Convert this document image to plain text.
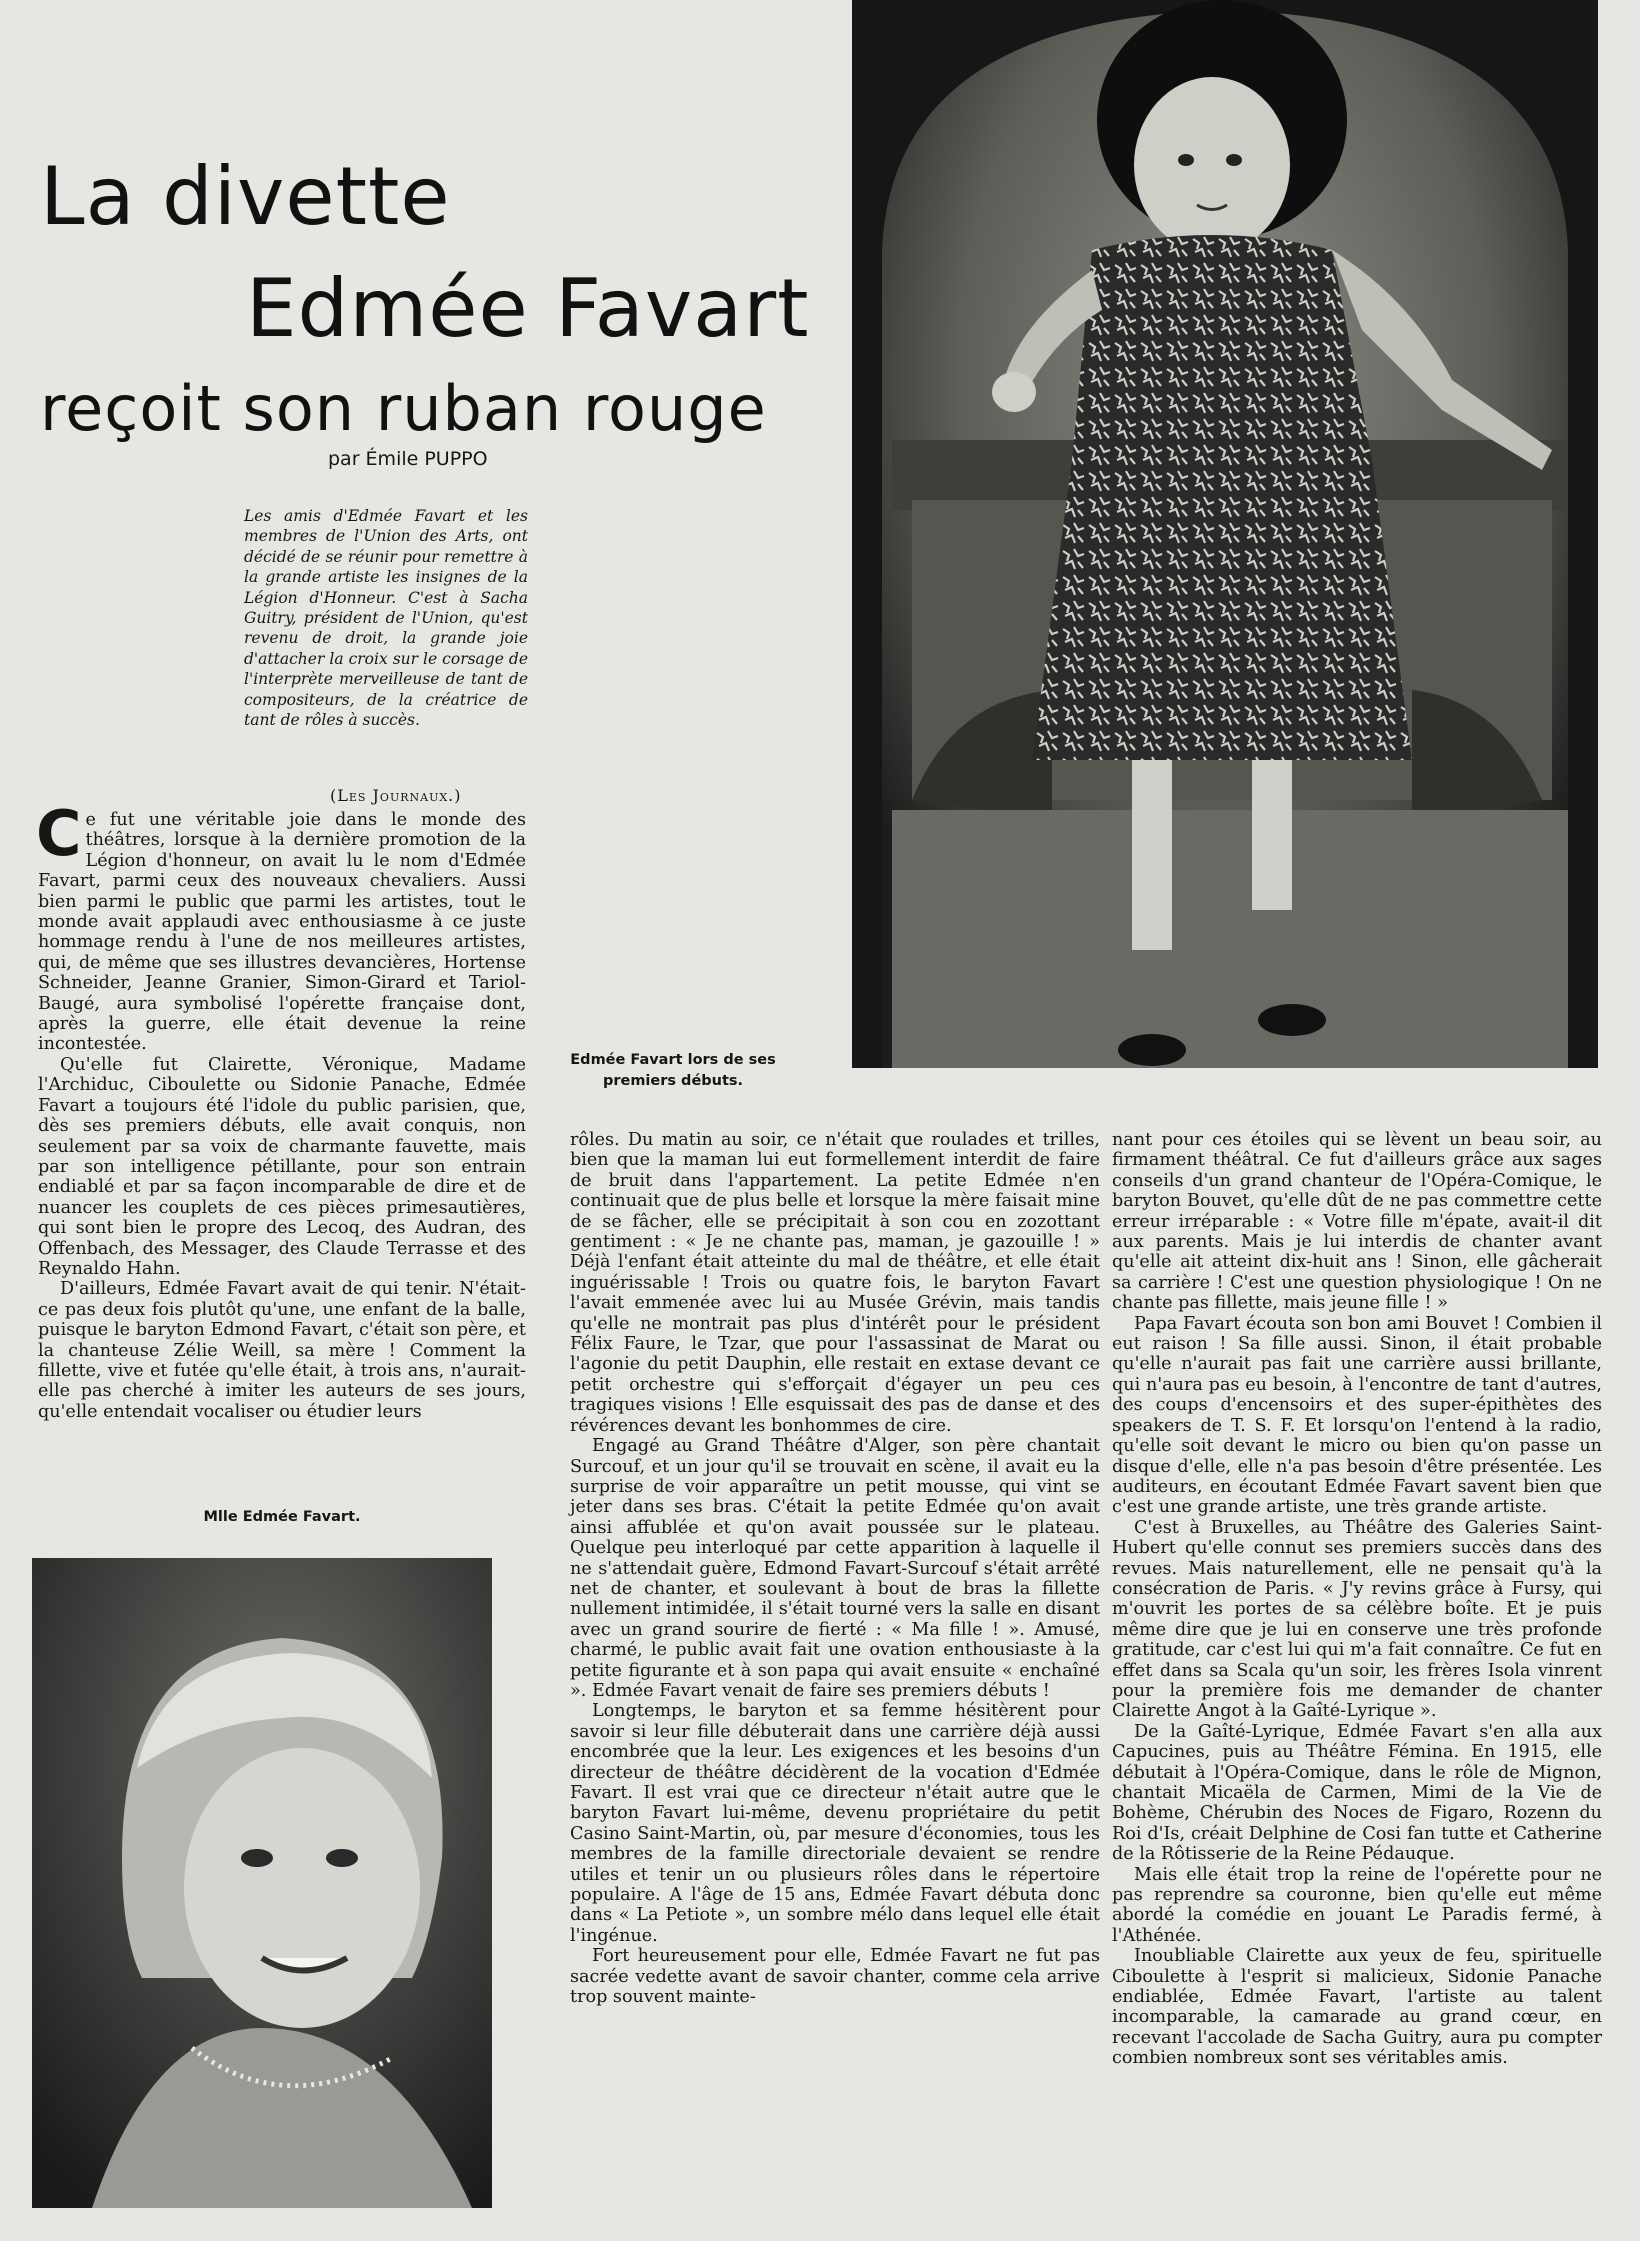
La divette
Edmée Favart
reçoit son ruban rouge
par Émile PUPPO
Les amis d'Edmée Favart et les membres de l'Union des Arts, ont décidé de se réunir pour remettre à la grande artiste les insignes de la Légion d'Honneur. C'est à Sacha Guitry, président de l'Union, qu'est revenu de droit, la grande joie d'attacher la croix sur le corsage de l'interprète merveilleuse de tant de compositeurs, de la créatrice de tant de rôles à succès.
(Les Journaux.)
Edmée Favart lors de ses premiers débuts.

Ce fut une véritable joie dans le monde des théâtres, lorsque à la dernière promotion de la Légion d'honneur, on avait lu le nom d'Edmée Favart, parmi ceux des nouveaux chevaliers. Aussi bien parmi le public que parmi les artistes, tout le monde avait applaudi avec enthousiasme à ce juste hommage rendu à l'une de nos meilleures artistes, qui, de même que ses illustres devancières, Hortense Schneider, Jeanne Granier, Simon-Girard et Tariol-Baugé, aura symbolisé l'opérette française dont, après la guerre, elle était devenue la reine incontestée.

Qu'elle fut Clairette, Véronique, Madame l'Archiduc, Ciboulette ou Sidonie Panache, Edmée Favart a toujours été l'idole du public parisien, que, dès ses premiers débuts, elle avait conquis, non seulement par sa voix de charmante fauvette, mais par son intelligence pétillante, pour son entrain endiablé et par sa façon incomparable de dire et de nuancer les couplets de ces pièces primesautières, qui sont bien le propre des Lecoq, des Audran, des Offenbach, des Messager, des Claude Terrasse et des Reynaldo Hahn.

D'ailleurs, Edmée Favart avait de qui tenir. N'était-ce pas deux fois plutôt qu'une, une enfant de la balle, puisque le baryton Edmond Favart, c'était son père, et la chanteuse Zélie Weill, sa mère ! Comment la fillette, vive et futée qu'elle était, à trois ans, n'aurait-elle pas cherché à imiter les auteurs de ses jours, qu'elle entendait vocaliser ou étudier leurs

Mlle Edmée Favart.

rôles. Du matin au soir, ce n'était que roulades et trilles, bien que la maman lui eut formellement interdit de faire de bruit dans l'appartement. La petite Edmée n'en continuait que de plus belle et lorsque la mère faisait mine de se fâcher, elle se précipitait à son cou en zozottant gentiment : « Je ne chante pas, maman, je gazouille ! » Déjà l'enfant était atteinte du mal de théâtre, et elle était inguérissable ! Trois ou quatre fois, le baryton Favart l'avait emmenée avec lui au Musée Grévin, mais tandis qu'elle ne montrait pas plus d'intérêt pour le président Félix Faure, le Tzar, que pour l'assassinat de Marat ou l'agonie du petit Dauphin, elle restait en extase devant ce petit orchestre qui s'efforçait d'égayer un peu ces tragiques visions ! Elle esquissait des pas de danse et des révérences devant les bonhommes de cire.

Engagé au Grand Théâtre d'Alger, son père chantait Surcouf, et un jour qu'il se trouvait en scène, il avait eu la surprise de voir apparaître un petit mousse, qui vint se jeter dans ses bras. C'était la petite Edmée qu'on avait ainsi affublée et qu'on avait poussée sur le plateau. Quelque peu interloqué par cette apparition à laquelle il ne s'attendait guère, Edmond Favart-Surcouf s'était arrêté net de chanter, et soulevant à bout de bras la fillette nullement intimidée, il s'était tourné vers la salle en disant avec un grand sourire de fierté : « Ma fille ! ». Amusé, charmé, le public avait fait une ovation enthousiaste à la petite figurante et à son papa qui avait ensuite « enchaîné ». Edmée Favart venait de faire ses premiers débuts !

Longtemps, le baryton et sa femme hésitèrent pour savoir si leur fille débuterait dans une carrière déjà aussi encombrée que la leur. Les exigences et les besoins d'un directeur de théâtre décidèrent de la vocation d'Edmée Favart. Il est vrai que ce directeur n'était autre que le baryton Favart lui-même, devenu propriétaire du petit Casino Saint-Martin, où, par mesure d'économies, tous les membres de la famille directoriale devaient se rendre utiles et tenir un ou plusieurs rôles dans le répertoire populaire. A l'âge de 15 ans, Edmée Favart débuta donc dans « La Petiote », un sombre mélo dans lequel elle était l'ingénue.

Fort heureusement pour elle, Edmée Favart ne fut pas sacrée vedette avant de savoir chanter, comme cela arrive trop souvent mainte-

nant pour ces étoiles qui se lèvent un beau soir, au firmament théâtral. Ce fut d'ailleurs grâce aux sages conseils d'un grand chanteur de l'Opéra-Comique, le baryton Bouvet, qu'elle dût de ne pas commettre cette erreur irréparable : « Votre fille m'épate, avait-il dit aux parents. Mais je lui interdis de chanter avant qu'elle ait atteint dix-huit ans ! Sinon, elle gâcherait sa carrière ! C'est une question physiologique ! On ne chante pas fillette, mais jeune fille ! »

Papa Favart écouta son bon ami Bouvet ! Combien il eut raison ! Sa fille aussi. Sinon, il était probable qu'elle n'aurait pas fait une carrière aussi brillante, qui n'aura pas eu besoin, à l'encontre de tant d'autres, des coups d'encensoirs et des super-épithètes des speakers de T. S. F. Et lorsqu'on l'entend à la radio, qu'elle soit devant le micro ou bien qu'on passe un disque d'elle, elle n'a pas besoin d'être présentée. Les auditeurs, en écoutant Edmée Favart savent bien que c'est une grande artiste, une très grande artiste.

C'est à Bruxelles, au Théâtre des Galeries Saint-Hubert qu'elle connut ses premiers succès dans des revues. Mais naturellement, elle ne pensait qu'à la consécration de Paris. « J'y revins grâce à Fursy, qui m'ouvrit les portes de sa célèbre boîte. Et je puis même dire que je lui en conserve une très profonde gratitude, car c'est lui qui m'a fait connaître. Ce fut en effet dans sa Scala qu'un soir, les frères Isola vinrent pour la première fois me demander de chanter Clairette Angot à la Gaîté-Lyrique ».

De la Gaîté-Lyrique, Edmée Favart s'en alla aux Capucines, puis au Théâtre Fémina. En 1915, elle débutait à l'Opéra-Comique, dans le rôle de Mignon, chantait Micaëla de Carmen, Mimi de la Vie de Bohème, Chérubin des Noces de Figaro, Rozenn du Roi d'Is, créait Delphine de Cosi fan tutte et Catherine de la Rôtisserie de la Reine Pédauque.

Mais elle était trop la reine de l'opérette pour ne pas reprendre sa couronne, bien qu'elle eut même abordé la comédie en jouant Le Paradis fermé, à l'Athénée.

Inoubliable Clairette aux yeux de feu, spirituelle Ciboulette à l'esprit si malicieux, Sidonie Panache endiablée, Edmée Favart, l'artiste au talent incomparable, la camarade au grand cœur, en recevant l'accolade de Sacha Guitry, aura pu compter combien nombreux sont ses véritables amis.
